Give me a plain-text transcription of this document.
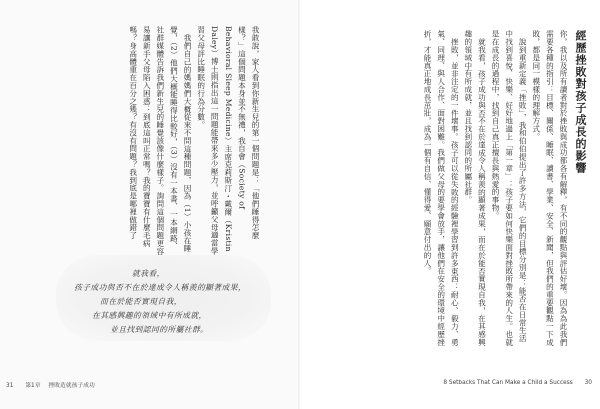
我敢說，家人看到你新生兒的第一個問題是：「他們睡得怎麼樣？」這個問題本身並不無禮，我自會（Society of Behavioral Sleep Medicine）主席克莉斯汀・戴爾（Kristin Daley）博士則指出這一問題能帶來多少壓力，並呼籲父母適當學習父母評比睡眠的行為分數。

我們自己的媽媽們大概從來不問這種問題，因為（1）小孩在睡覺，（2）他們大概能睡得比較好，（3）沒有一本書、一本網路、社群媒體告訴我們新生兒的睡覺該像什麼樣子。詢問這個問題更容易讓新手父母陷入困惑：到底這叫正常嗎？我的寶寶有什麼毛病嗎？身高體重在百分之幾？有沒有問題？我到底是哪裡做錯了

就我看，
孩子成功與否不在於達成令人稱羨的顯著成果，
而在於能否實現自我，
在其感興趣的領域中有所成就，
並且找到認同的所屬社群。
31 第1章 挫敗造就孩子成功
經歷挫敗對孩子成長的影響

你，我以及所有讀者對於挫敗與成功都各有解釋，有不同的觀點與評估好壞。因為為此我們需要各種的指引：目標、關係、睡眠、讀書、學業、安全、新聞，但我們的重要觀點一下成敗，都是同一模樣的理解方式。

說到重新定義「挫敗」，我和伯伯提出了許多方法，它們的目標分別是：能否在日常生活中找到喜悅、快樂、好好地過上「第一章」：孩子要如何快樂面對挫敗所帶來的人生。也就是在成長的過程中，找到自己真正擅長與熱愛的事物。

就我看，孩子成功與否不在於達成令人稱羨的顯著成果，而在於能否實現自我，在其感興趣的領域中有所成就，並且找到認同的所屬社群。

挫敗，並非注定的一件壞事。孩子可以從失敗的經驗裡學習到許多東西：耐心、毅力、勇氣、同理、與人合作、面對困難。我們做父母的要學會放手，讓他們在安全的環境中經歷挫折，才能真正地成長茁壯，成為一個有自信、懂得愛、願意付出的人。

8 Setbacks That Can Make a Child a Success 30
